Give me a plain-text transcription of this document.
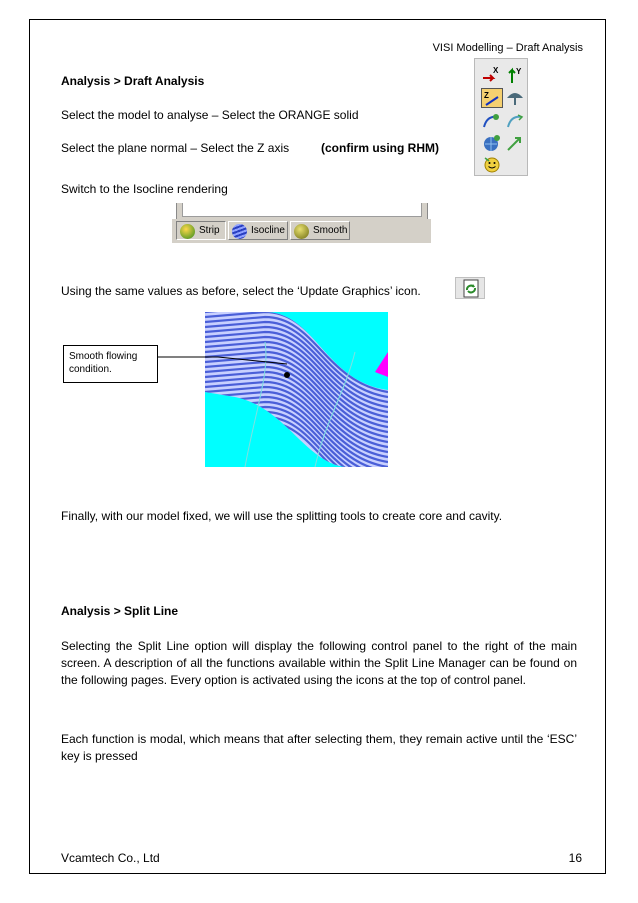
VISI Modelling – Draft Analysis
Analysis > Draft Analysis
Select the model to analyse – Select the ORANGE solid
Select the plane normal – Select the Z axis	(confirm using RHM)
Switch to the Isocline rendering
X Y
Z
Strip	Isocline	Smooth
Using the same values as before, select the ‘Update Graphics’ icon.
Smooth flowing condition.
Finally, with our model fixed, we will use the splitting tools to create core and cavity.
Analysis > Split Line
Selecting the Split Line option will display the following control panel to the right of the main screen. A description of all the functions available within the Split Line Manager can be found on the following pages. Every option is activated using the icons at the top of control panel.
Each function is modal, which means that after selecting them, they remain active until the ‘ESC’ key is pressed
Vcamtech Co., Ltd	16
